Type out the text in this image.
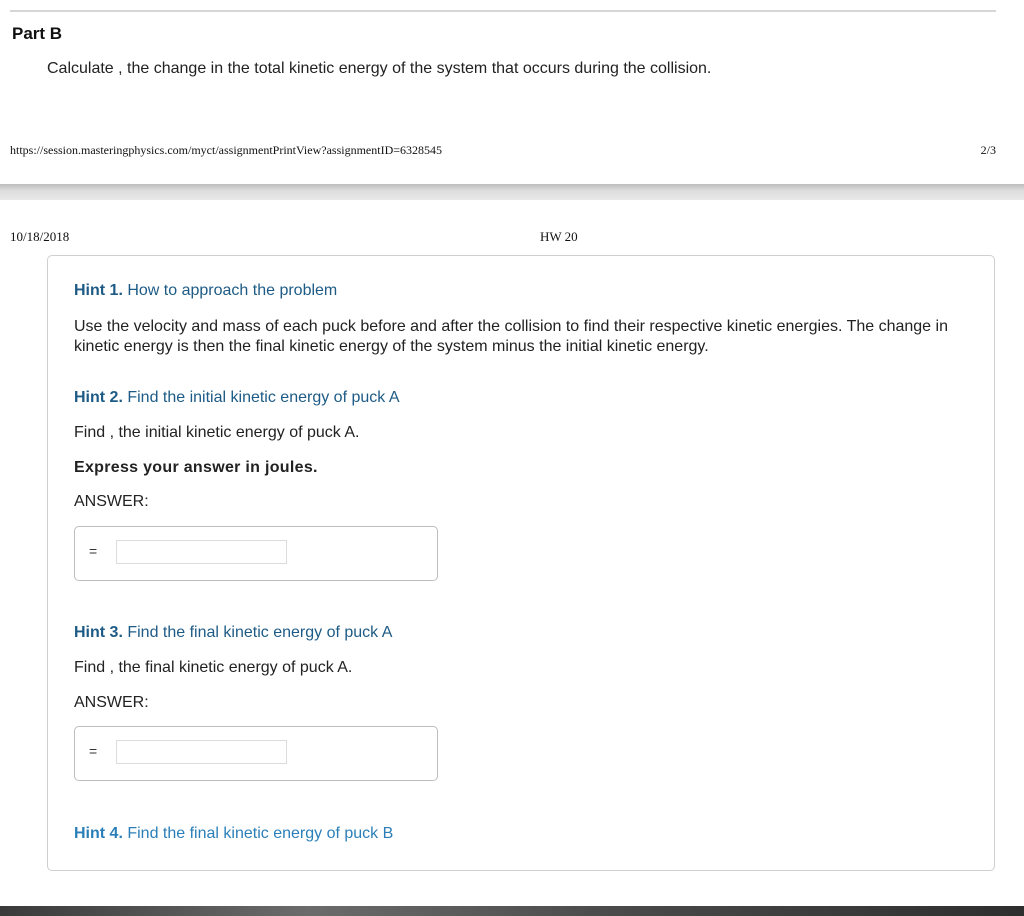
Part B
Calculate , the change in the total kinetic energy of the system that occurs during the collision.
https://session.masteringphysics.com/myct/assignmentPrintView?assignmentID=6328545	2/3
10/18/2018	HW 20
Hint 1. How to approach the problem
Use the velocity and mass of each puck before and after the collision to find their respective kinetic energies. The change in kinetic energy is then the final kinetic energy of the system minus the initial kinetic energy.
Hint 2. Find the initial kinetic energy of puck A
Find , the initial kinetic energy of puck A.
Express your answer in joules.
ANSWER:
=
Hint 3. Find the final kinetic energy of puck A
Find , the final kinetic energy of puck A.
ANSWER:
=
Hint 4. Find the final kinetic energy of puck B
